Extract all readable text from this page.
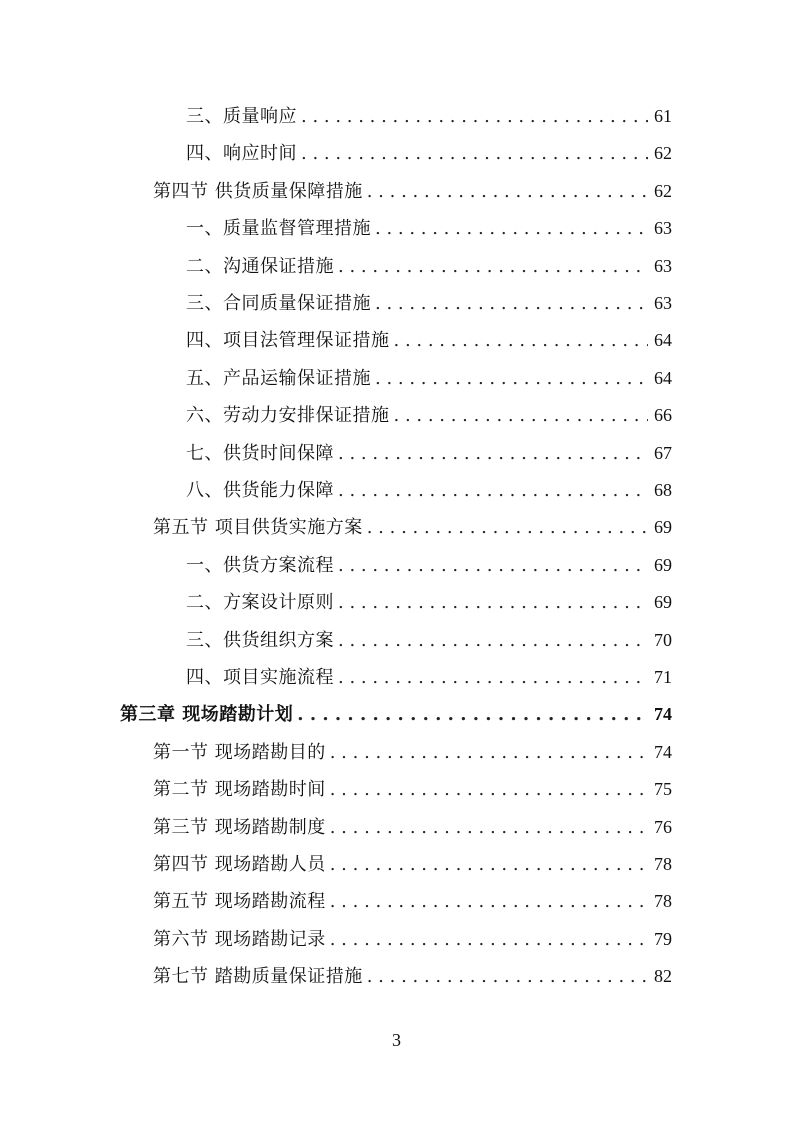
三、质量响应 . . .	61
四、响应时间 . . .	62
第四节 供货质量保障措施 . . .	62
一、质量监督管理措施 . . .	63
二、沟通保证措施 . . .	63
三、合同质量保证措施 . . .	63
四、项目法管理保证措施 . . .	64
五、产品运输保证措施 . . .	64
六、劳动力安排保证措施 . . .	66
七、供货时间保障 . . .	67
八、供货能力保障 . . .	68
第五节 项目供货实施方案 . . .	69
一、供货方案流程 . . .	69
二、方案设计原则 . . .	69
三、供货组织方案 . . .	70
四、项目实施流程 . . .	71
第三章 现场踏勘计划 . . .	74
第一节 现场踏勘目的 . . .	74
第二节 现场踏勘时间 . . .	75
第三节 现场踏勘制度 . . .	76
第四节 现场踏勘人员 . . .	78
第五节 现场踏勘流程 . . .	78
第六节 现场踏勘记录 . . .	79
第七节 踏勘质量保证措施 . . .	82
3
